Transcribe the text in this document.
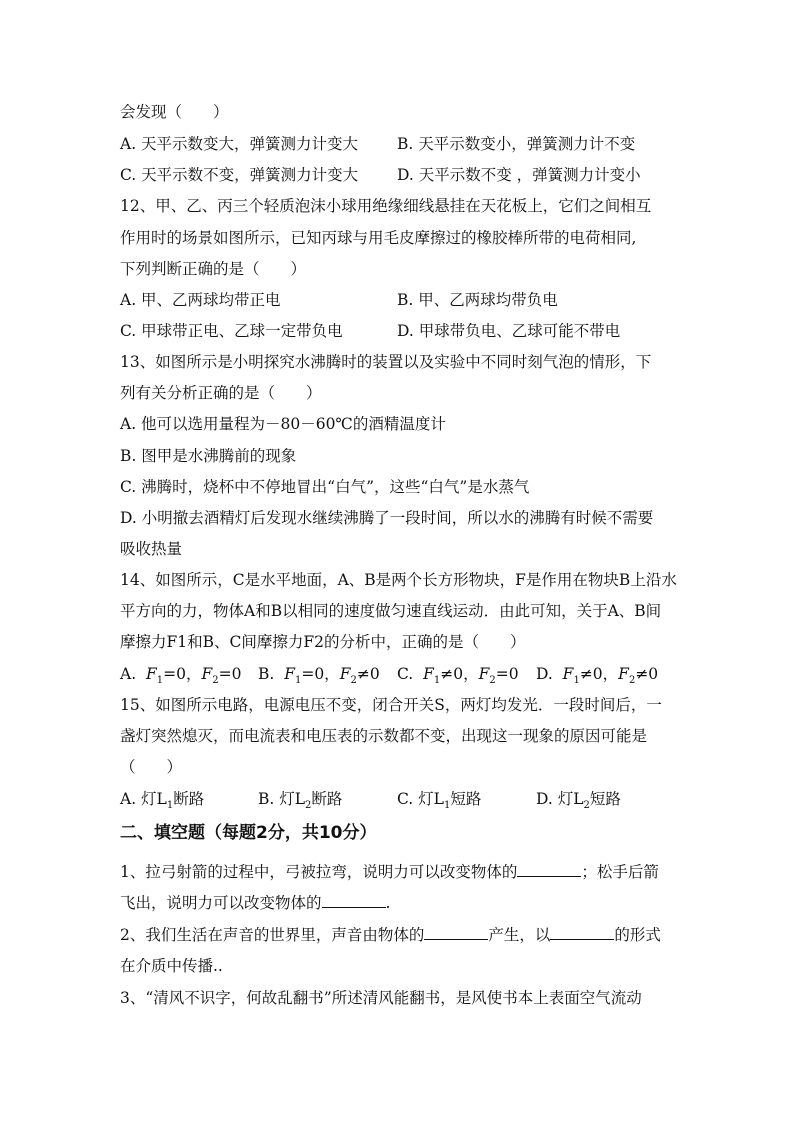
会发现（　　）
A. 天平示数变大，弹簧测力计变大	B. 天平示数变小，弹簧测力计不变
C. 天平示数不变，弹簧测力计变大	D. 天平示数不变 ，弹簧测力计变小
12、甲、乙、丙三个轻质泡沫小球用绝缘细线悬挂在天花板上，它们之间相互
作用时的场景如图所示，已知丙球与用毛皮摩擦过的橡胶棒所带的电荷相同,
下列判断正确的是（　　）
A. 甲、乙两球均带正电	B. 甲、乙两球均带负电
C. 甲球带正电、乙球一定带负电	D. 甲球带负电、乙球可能不带电
13、如图所示是小明探究水沸腾时的装置以及实验中不同时刻气泡的情形，下
列有关分析正确的是（　　）
A. 他可以选用量程为－80－60℃的酒精温度计
B. 图甲是水沸腾前的现象
C. 沸腾时，烧杯中不停地冒出“白气”，这些“白气”是水蒸气
D. 小明撤去酒精灯后发现水继续沸腾了一段时间，所以水的沸腾有时候不需要
吸收热量
14、如图所示，C是水平地面，A、B是两个长方形物块，F是作用在物块B上沿水
平方向的力，物体A和B以相同的速度做匀速直线运动．由此可知，关于A、B间
摩擦力F1和B、C间摩擦力F2的分析中，正确的是（　　）
A. $F_1=0$，$F_2=0$ B. $F_1=0$，$F_2\ne 0$ C. $F_1\ne 0$，$F_2=0$ D. $F_1\ne 0$，$F_2\ne 0$
15、如图所示电路，电源电压不变，闭合开关S，两灯均发光．一段时间后，一
盏灯突然熄灭，而电流表和电压表的示数都不变，出现这一现象的原因可能是
（　　）
A. 灯$L_1$断路	B. 灯$L_2$断路	C. 灯$L_1$短路	D. 灯$L_2$短路
二、填空题（每题2分，共10分）
1、拉弓射箭的过程中，弓被拉弯，说明力可以改变物体的	；松手后箭
飞出，说明力可以改变物体的	.
2、我们生活在声音的世界里，声音由物体的	产生，以	的形式
在介质中传播..
3、“清风不识字，何故乱翻书”所述清风能翻书，是风使书本上表面空气流动
